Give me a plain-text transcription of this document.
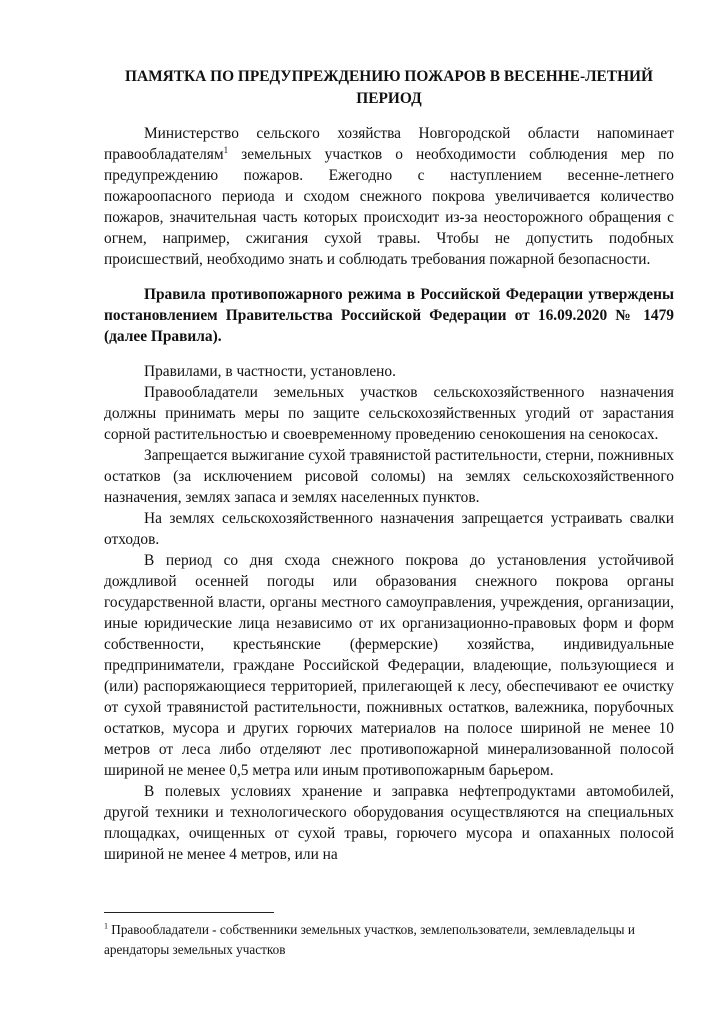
ПАМЯТКА ПО ПРЕДУПРЕЖДЕНИЮ ПОЖАРОВ В ВЕСЕННЕ-ЛЕТНИЙ ПЕРИОД

Министерство сельского хозяйства Новгородской области напоминает правообладателям$^1$ земельных участков о необходимости соблюдения мер по предупреждению пожаров. Ежегодно с наступлением весенне-летнего пожароопасного периода и сходом снежного покрова увеличивается количество пожаров, значительная часть которых происходит из-за неосторожного обращения с огнем, например, сжигания сухой травы. Чтобы не допустить подобных происшествий, необходимо знать и соблюдать требования пожарной безопасности.

Правила противопожарного режима в Российской Федерации утверждены постановлением Правительства Российской Федерации от 16.09.2020 № 1479 (далее Правила).

Правилами, в частности, установлено.

Правообладатели земельных участков сельскохозяйственного назначения должны принимать меры по защите сельскохозяйственных угодий от зарастания сорной растительностью и своевременному проведению сенокошения на сенокосах.

Запрещается выжигание сухой травянистой растительности, стерни, пожнивных остатков (за исключением рисовой соломы) на землях сельскохозяйственного назначения, землях запаса и землях населенных пунктов.

На землях сельскохозяйственного назначения запрещается устраивать свалки отходов.

В период со дня схода снежного покрова до установления устойчивой дождливой осенней погоды или образования снежного покрова органы государственной власти, органы местного самоуправления, учреждения, организации, иные юридические лица независимо от их организационно-правовых форм и форм собственности, крестьянские (фермерские) хозяйства, индивидуальные предприниматели, граждане Российской Федерации, владеющие, пользующиеся и (или) распоряжающиеся территорией, прилегающей к лесу, обеспечивают ее очистку от сухой травянистой растительности, пожнивных остатков, валежника, порубочных остатков, мусора и других горючих материалов на полосе шириной не менее 10 метров от леса либо отделяют лес противопожарной минерализованной полосой шириной не менее 0,5 метра или иным противопожарным барьером.

В полевых условиях хранение и заправка нефтепродуктами автомобилей, другой техники и технологического оборудования осуществляются на специальных площадках, очищенных от сухой травы, горючего мусора и опаханных полосой шириной не менее 4 метров, или на

$^1$ Правообладатели - собственники земельных участков, землепользователи, землевладельцы и арендаторы земельных участков
